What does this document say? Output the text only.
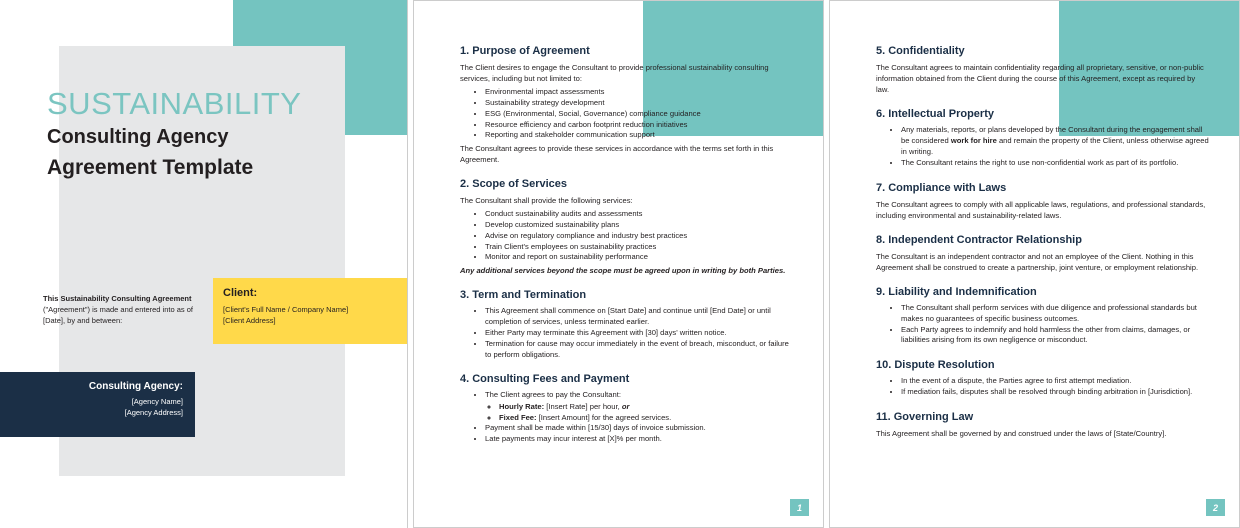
SUSTAINABILITY
Consulting Agency
Agreement Template
This Sustainability Consulting Agreement ("Agreement") is made and entered into as of [Date], by and between:
Client:
[Client's Full Name / Company Name]
[Client Address]
Consulting Agency:
[Agency Name]
[Agency Address]
1. Purpose of Agreement

The Client desires to engage the Consultant to provide professional sustainability consulting services, including but not limited to:

• Environmental impact assessments
• Sustainability strategy development
• ESG (Environmental, Social, Governance) compliance guidance
• Resource efficiency and carbon footprint reduction initiatives
• Reporting and stakeholder communication support

The Consultant agrees to provide these services in accordance with the terms set forth in this Agreement.

2. Scope of Services

The Consultant shall provide the following services:

• Conduct sustainability audits and assessments
• Develop customized sustainability plans
• Advise on regulatory compliance and industry best practices
• Train Client's employees on sustainability practices
• Monitor and report on sustainability performance

Any additional services beyond the scope must be agreed upon in writing by both Parties.

3. Term and Termination
• This Agreement shall commence on [Start Date] and continue until [End Date] or until completion of services, unless terminated earlier.
• Either Party may terminate this Agreement with [30] days' written notice.
• Termination for cause may occur immediately in the event of breach, misconduct, or failure to perform obligations.
4. Consulting Fees and Payment
• The Client agrees to pay the Consultant:
◦ Hourly Rate: [Insert Rate] per hour, or
◦ Fixed Fee: [Insert Amount] for the agreed services.
• Payment shall be made within [15/30] days of invoice submission.
• Late payments may incur interest at [X]% per month.
1
5. Confidentiality

The Consultant agrees to maintain confidentiality regarding all proprietary, sensitive, or non-public information obtained from the Client during the course of this Agreement, except as required by law.

6. Intellectual Property
• Any materials, reports, or plans developed by the Consultant during the engagement shall be considered work for hire and remain the property of the Client, unless otherwise agreed in writing.
• The Consultant retains the right to use non-confidential work as part of its portfolio.
7. Compliance with Laws

The Consultant agrees to comply with all applicable laws, regulations, and professional standards, including environmental and sustainability-related laws.

8. Independent Contractor Relationship

The Consultant is an independent contractor and not an employee of the Client. Nothing in this Agreement shall be construed to create a partnership, joint venture, or employment relationship.

9. Liability and Indemnification
• The Consultant shall perform services with due diligence and professional standards but makes no guarantees of specific business outcomes.
• Each Party agrees to indemnify and hold harmless the other from claims, damages, or liabilities arising from its own negligence or misconduct.
10. Dispute Resolution
• In the event of a dispute, the Parties agree to first attempt mediation.
• If mediation fails, disputes shall be resolved through binding arbitration in [Jurisdiction].
11. Governing Law

This Agreement shall be governed by and construed under the laws of [State/Country].

2
